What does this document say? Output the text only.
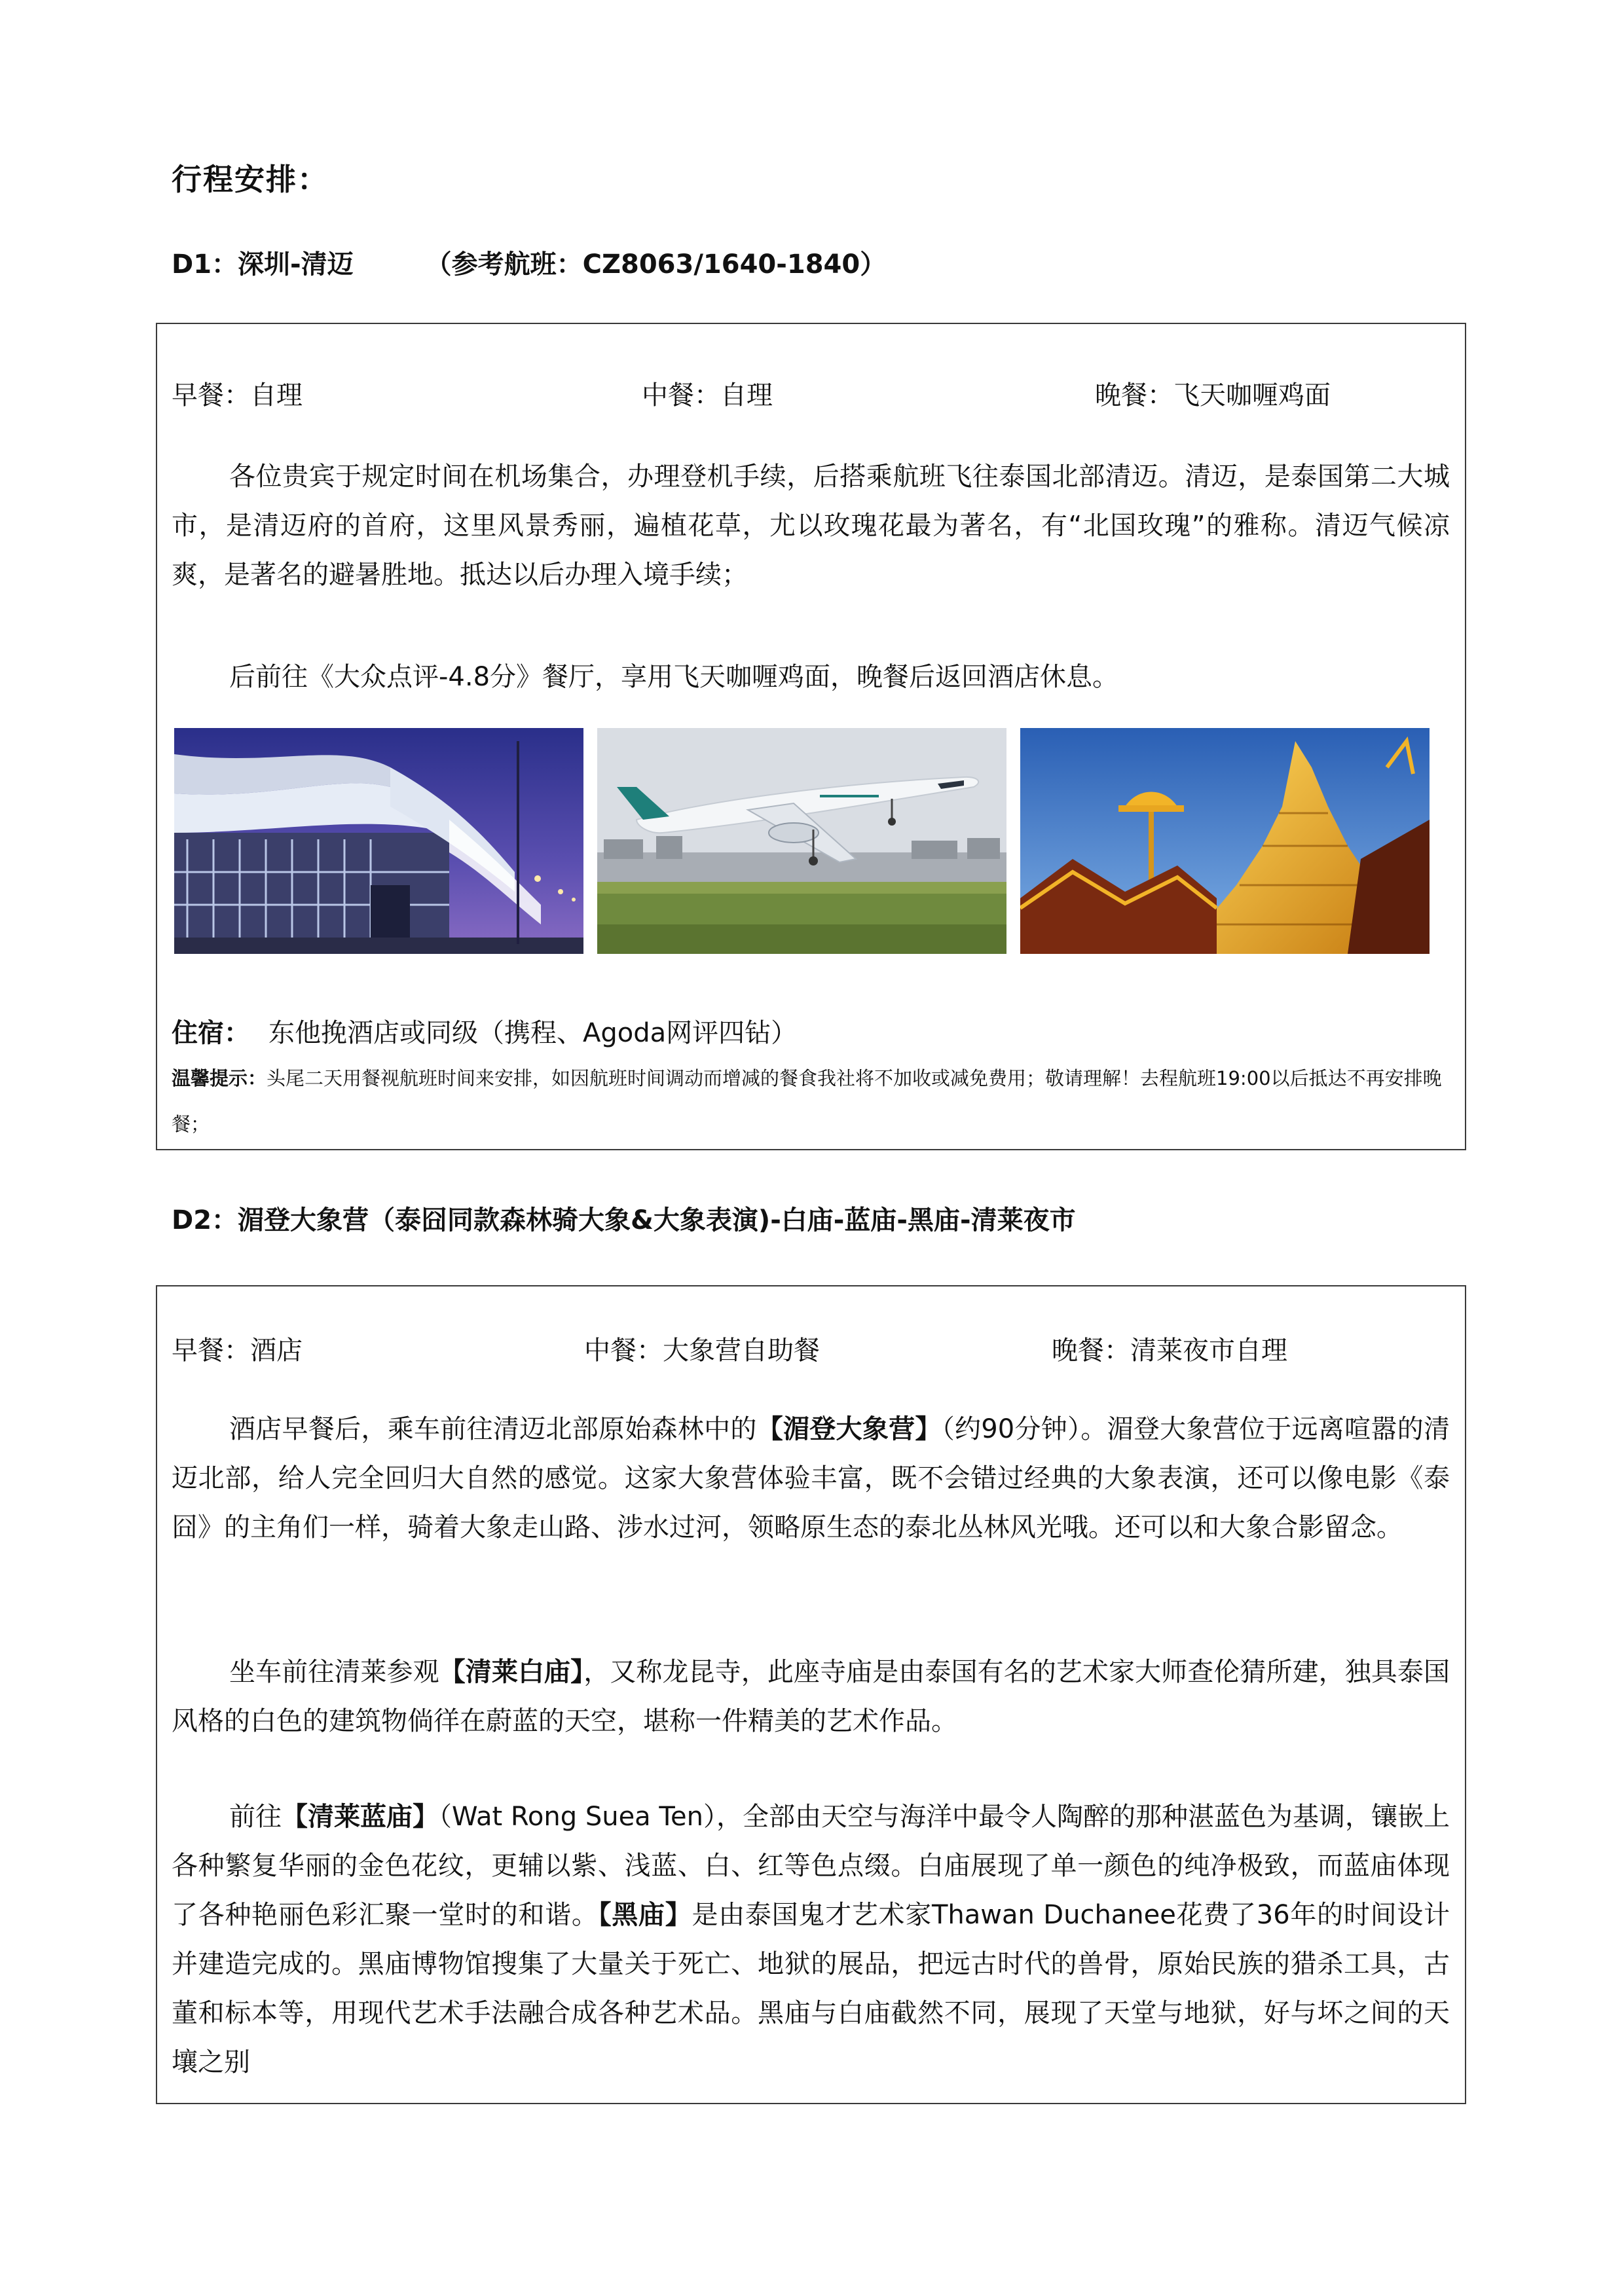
行程安排：
D1：深圳-清迈	（参考航班：CZ8063/1640-1840）
早餐：自理	中餐：自理	晚餐：飞天咖喱鸡面

各位贵宾于规定时间在机场集合，办理登机手续，后搭乘航班飞往泰国北部清迈。清迈，是泰国第二大城市，是清迈府的首府，这里风景秀丽，遍植花草，尤以玫瑰花最为著名，有“北国玫瑰”的雅称。清迈气候凉爽，是著名的避暑胜地。抵达以后办理入境手续；

后前往《大众点评-4.8分》餐厅，享用飞天咖喱鸡面，晚餐后返回酒店休息。

住宿： 东他挽酒店或同级（携程、Agoda网评四钻）

温馨提示：头尾二天用餐视航班时间来安排，如因航班时间调动而增减的餐食我社将不加收或减免费用；敬请理解！去程航班19:00以后抵达不再安排晚餐；

D2：湄登大象营（泰囧同款森林骑大象&大象表演)-白庙-蓝庙-黑庙-清莱夜市
早餐：酒店	中餐：大象营自助餐	晚餐：清莱夜市自理

酒店早餐后，乘车前往清迈北部原始森林中的【湄登大象营】（约90分钟）。湄登大象营位于远离喧嚣的清迈北部，给人完全回归大自然的感觉。这家大象营体验丰富，既不会错过经典的大象表演，还可以像电影《泰囧》的主角们一样，骑着大象走山路、涉水过河，领略原生态的泰北丛林风光哦。还可以和大象合影留念。

坐车前往清莱参观【清莱白庙】，又称龙昆寺，此座寺庙是由泰国有名的艺术家大师查伦猜所建，独具泰国风格的白色的建筑物倘徉在蔚蓝的天空，堪称一件精美的艺术作品。

前往【清莱蓝庙】（Wat Rong Suea Ten），全部由天空与海洋中最令人陶醉的那种湛蓝色为基调，镶嵌上各种繁复华丽的金色花纹，更辅以紫、浅蓝、白、红等色点缀。白庙展现了单一颜色的纯净极致，而蓝庙体现了各种艳丽色彩汇聚一堂时的和谐。【黑庙】是由泰国鬼才艺术家Thawan Duchanee花费了36年的时间设计并建造完成的。黑庙博物馆搜集了大量关于死亡、地狱的展品，把远古时代的兽骨，原始民族的猎杀工具，古董和标本等，用现代艺术手法融合成各种艺术品。黑庙与白庙截然不同，展现了天堂与地狱，好与坏之间的天壤之别
